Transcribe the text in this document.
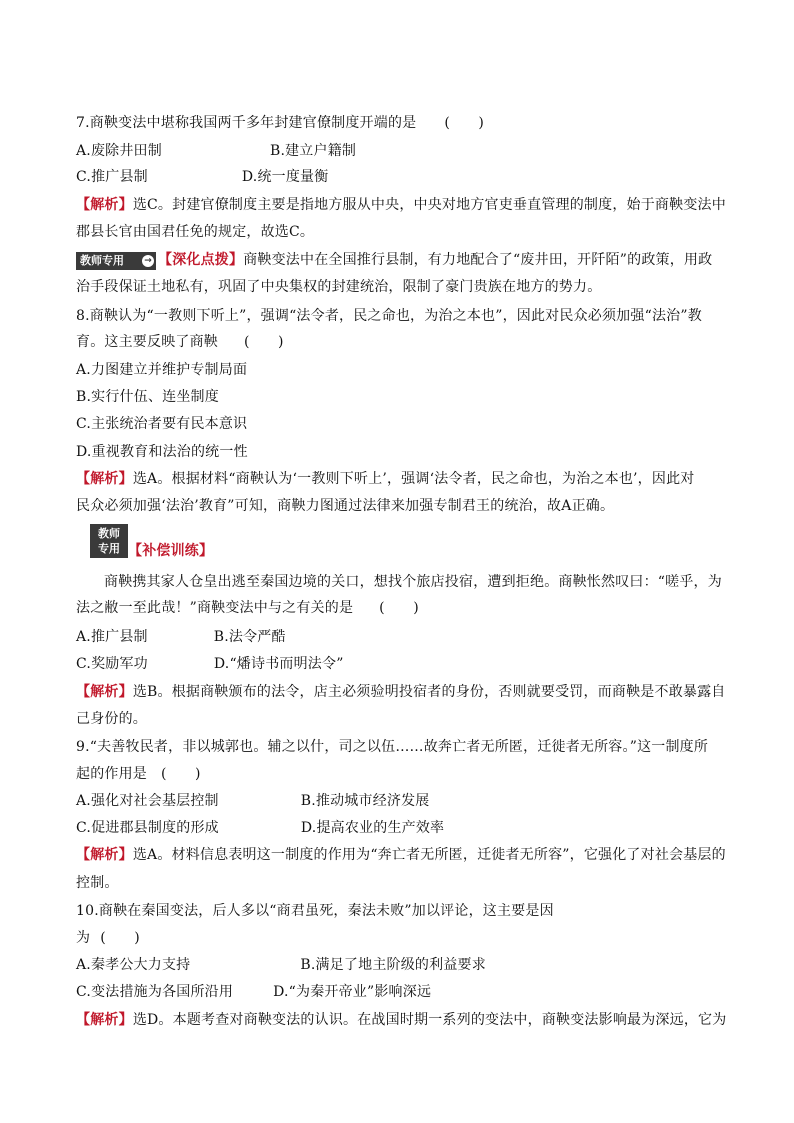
7.商鞅变法中堪称我国两千多年封建官僚制度开端的是 (　　)
A.废除井田制	B.建立户籍制
C.推广县制	D.统一度量衡
【解析】选C。封建官僚制度主要是指地方服从中央，中央对地方官吏垂直管理的制度，始于商鞅变法中
郡县长官由国君任免的规定，故选C。
教师专用 → 【深化点拨】商鞅变法中在全国推行县制，有力地配合了“废井田，开阡陌”的政策，用政
治手段保证土地私有，巩固了中央集权的封建统治，限制了豪门贵族在地方的势力。
8.商鞅认为“一教则下听上”，强调“法令者，民之命也，为治之本也”，因此对民众必须加强“法治”教
育。这主要反映了商鞅 (　　)
A.力图建立并维护专制局面
B.实行什伍、连坐制度
C.主张统治者要有民本意识
D.重视教育和法治的统一性
【解析】选A。根据材料“商鞅认为‘一教则下听上’，强调‘法令者，民之命也，为治之本也’，因此对
民众必须加强‘法治’教育”可知，商鞅力图通过法律来加强专制君王的统治，故A正确。
教师
专用 【补偿训练】
商鞅携其家人仓皇出逃至秦国边境的关口，想找个旅店投宿，遭到拒绝。商鞅怅然叹曰：“嗟乎，为
法之敝一至此哉！”商鞅变法中与之有关的是 (　　)
A.推广县制	B.法令严酷
C.奖励军功	D.“燔诗书而明法令”
【解析】选B。根据商鞅颁布的法令，店主必须验明投宿者的身份，否则就要受罚，而商鞅是不敢暴露自
己身份的。
9.“夫善牧民者，非以城郭也。辅之以什，司之以伍……故奔亡者无所匿，迁徙者无所容。”这一制度所
起的作用是 (　　)
A.强化对社会基层控制	B.推动城市经济发展
C.促进郡县制度的形成	D.提高农业的生产效率
【解析】选A。材料信息表明这一制度的作用为“奔亡者无所匿，迁徙者无所容”，它强化了对社会基层的
控制。
10.商鞅在秦国变法，后人多以“商君虽死，秦法未败”加以评论，这主要是因
为 (　　)
A.秦孝公大力支持	B.满足了地主阶级的利益要求
C.变法措施为各国所沿用	D.“为秦开帝业”影响深远
【解析】选D。本题考查对商鞅变法的认识。在战国时期一系列的变法中，商鞅变法影响最为深远，它为
